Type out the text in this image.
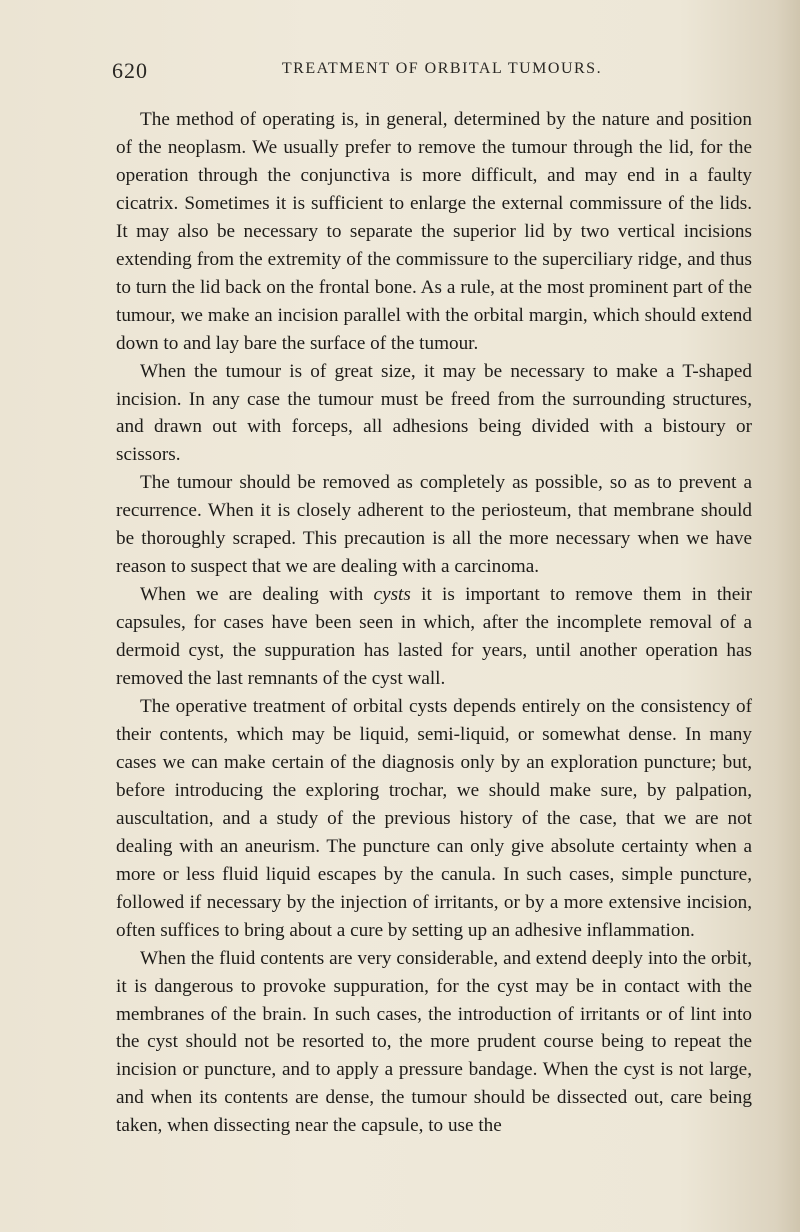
620	TREATMENT OF ORBITAL TUMOURS.

The method of operating is, in general, determined by the nature and position of the neoplasm. We usually prefer to remove the tumour through the lid, for the operation through the conjunctiva is more difficult, and may end in a faulty cicatrix. Sometimes it is sufficient to enlarge the external commissure of the lids. It may also be necessary to separate the superior lid by two vertical incisions extending from the extremity of the commissure to the superciliary ridge, and thus to turn the lid back on the frontal bone. As a rule, at the most prominent part of the tumour, we make an incision parallel with the orbital margin, which should extend down to and lay bare the surface of the tumour.

When the tumour is of great size, it may be necessary to make a T-shaped incision. In any case the tumour must be freed from the surrounding structures, and drawn out with forceps, all adhesions being divided with a bistoury or scissors.

The tumour should be removed as completely as possible, so as to prevent a recurrence. When it is closely adherent to the periosteum, that membrane should be thoroughly scraped. This precaution is all the more necessary when we have reason to suspect that we are dealing with a carcinoma.

When we are dealing with cysts it is important to remove them in their capsules, for cases have been seen in which, after the incomplete removal of a dermoid cyst, the suppuration has lasted for years, until another operation has removed the last remnants of the cyst wall.

The operative treatment of orbital cysts depends entirely on the consistency of their contents, which may be liquid, semi-liquid, or somewhat dense. In many cases we can make certain of the diagnosis only by an exploration puncture; but, before introducing the exploring trochar, we should make sure, by palpation, auscultation, and a study of the previous history of the case, that we are not dealing with an aneurism. The puncture can only give absolute certainty when a more or less fluid liquid escapes by the canula. In such cases, simple puncture, followed if necessary by the injection of irritants, or by a more extensive incision, often suffices to bring about a cure by setting up an adhesive inflammation.

When the fluid contents are very considerable, and extend deeply into the orbit, it is dangerous to provoke suppuration, for the cyst may be in contact with the membranes of the brain. In such cases, the introduction of irritants or of lint into the cyst should not be resorted to, the more prudent course being to repeat the incision or puncture, and to apply a pressure bandage. When the cyst is not large, and when its contents are dense, the tumour should be dissected out, care being taken, when dissecting near the capsule, to use the
